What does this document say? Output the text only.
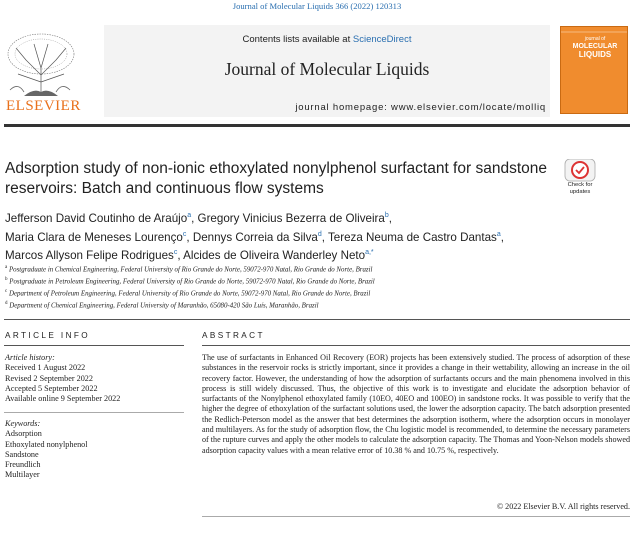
Journal of Molecular Liquids 366 (2022) 120313
ELSEVIER
Contents lists available at ScienceDirect
Journal of Molecular Liquids
journal homepage: www.elsevier.com/locate/molliq
journal of
MOLECULAR
LIQUIDS
Adsorption study of non-ionic ethoxylated nonylphenol surfactant for sandstone reservoirs: Batch and continuous flow systems	Check for updates
Jefferson David Coutinho de Araújo$^a$, Gregory Vinicius Bezerra de Oliveira$^b$,
Maria Clara de Meneses Lourenço$^c$, Dennys Correia da Silva$^d$, Tereza Neuma de Castro Dantas$^a$,
Marcos Allyson Felipe Rodrigues$^c$, Alcides de Oliveira Wanderley Neto$^{a,*}$
$^a$ Postgraduate in Chemical Engineering, Federal University of Rio Grande do Norte, 59072-970 Natal, Rio Grande do Norte, Brazil
$^b$ Postgraduate in Petroleum Engineering, Federal University of Rio Grande do Norte, 59072-970 Natal, Rio Grande do Norte, Brazil
$^c$ Department of Petroleum Engineering, Federal University of Rio Grande do Norte, 59072-970 Natal, Rio Grande do Norte, Brazil
$^d$ Department of Chemical Engineering, Federal University of Maranhão, 65080-420 São Luís, Maranhão, Brazil
ARTICLE INFO
Article history:
Received 1 August 2022
Revised 2 September 2022
Accepted 5 September 2022
Available online 9 September 2022
Keywords:
Adsorption
Ethoxylated nonylphenol
Sandstone
Freundlich
Multilayer
ABSTRACT
The use of surfactants in Enhanced Oil Recovery (EOR) projects has been extensively studied. The process of adsorption of these substances in the reservoir rocks is strictly important, since it provides a change in their wettability, allowing an increase in the oil recovery factor. However, the understanding of how the adsorption of surfactants occurs and the main phenomena involved in this process is still widely discussed. Thus, the objective of this work is to investigate and elucidate the adsorption behavior of surfactants of the Nonylphenol ethoxylated family (10EO, 40EO and 100EO) in sandstone rocks. It was possible to verify that the higher the degree of ethoxylation of the surfactant solutions used, the lower the adsorption capacity. The batch adsorption presented the Redlich-Peterson model as the answer that best determines the adsorption isotherm, where the adsorption occurs in monolayer and multilayers. As for the study of adsorption flow, the Chu logistic model is recommended, to determine the necessary parameters of the rupture curves and apply the other models to calculate the adsorption capacity. The Thomas and Yoon-Nelson models showed adsorption capacity values with a mean relative error of 10.38 % and 10.75 %, respectively.
© 2022 Elsevier B.V. All rights reserved.
